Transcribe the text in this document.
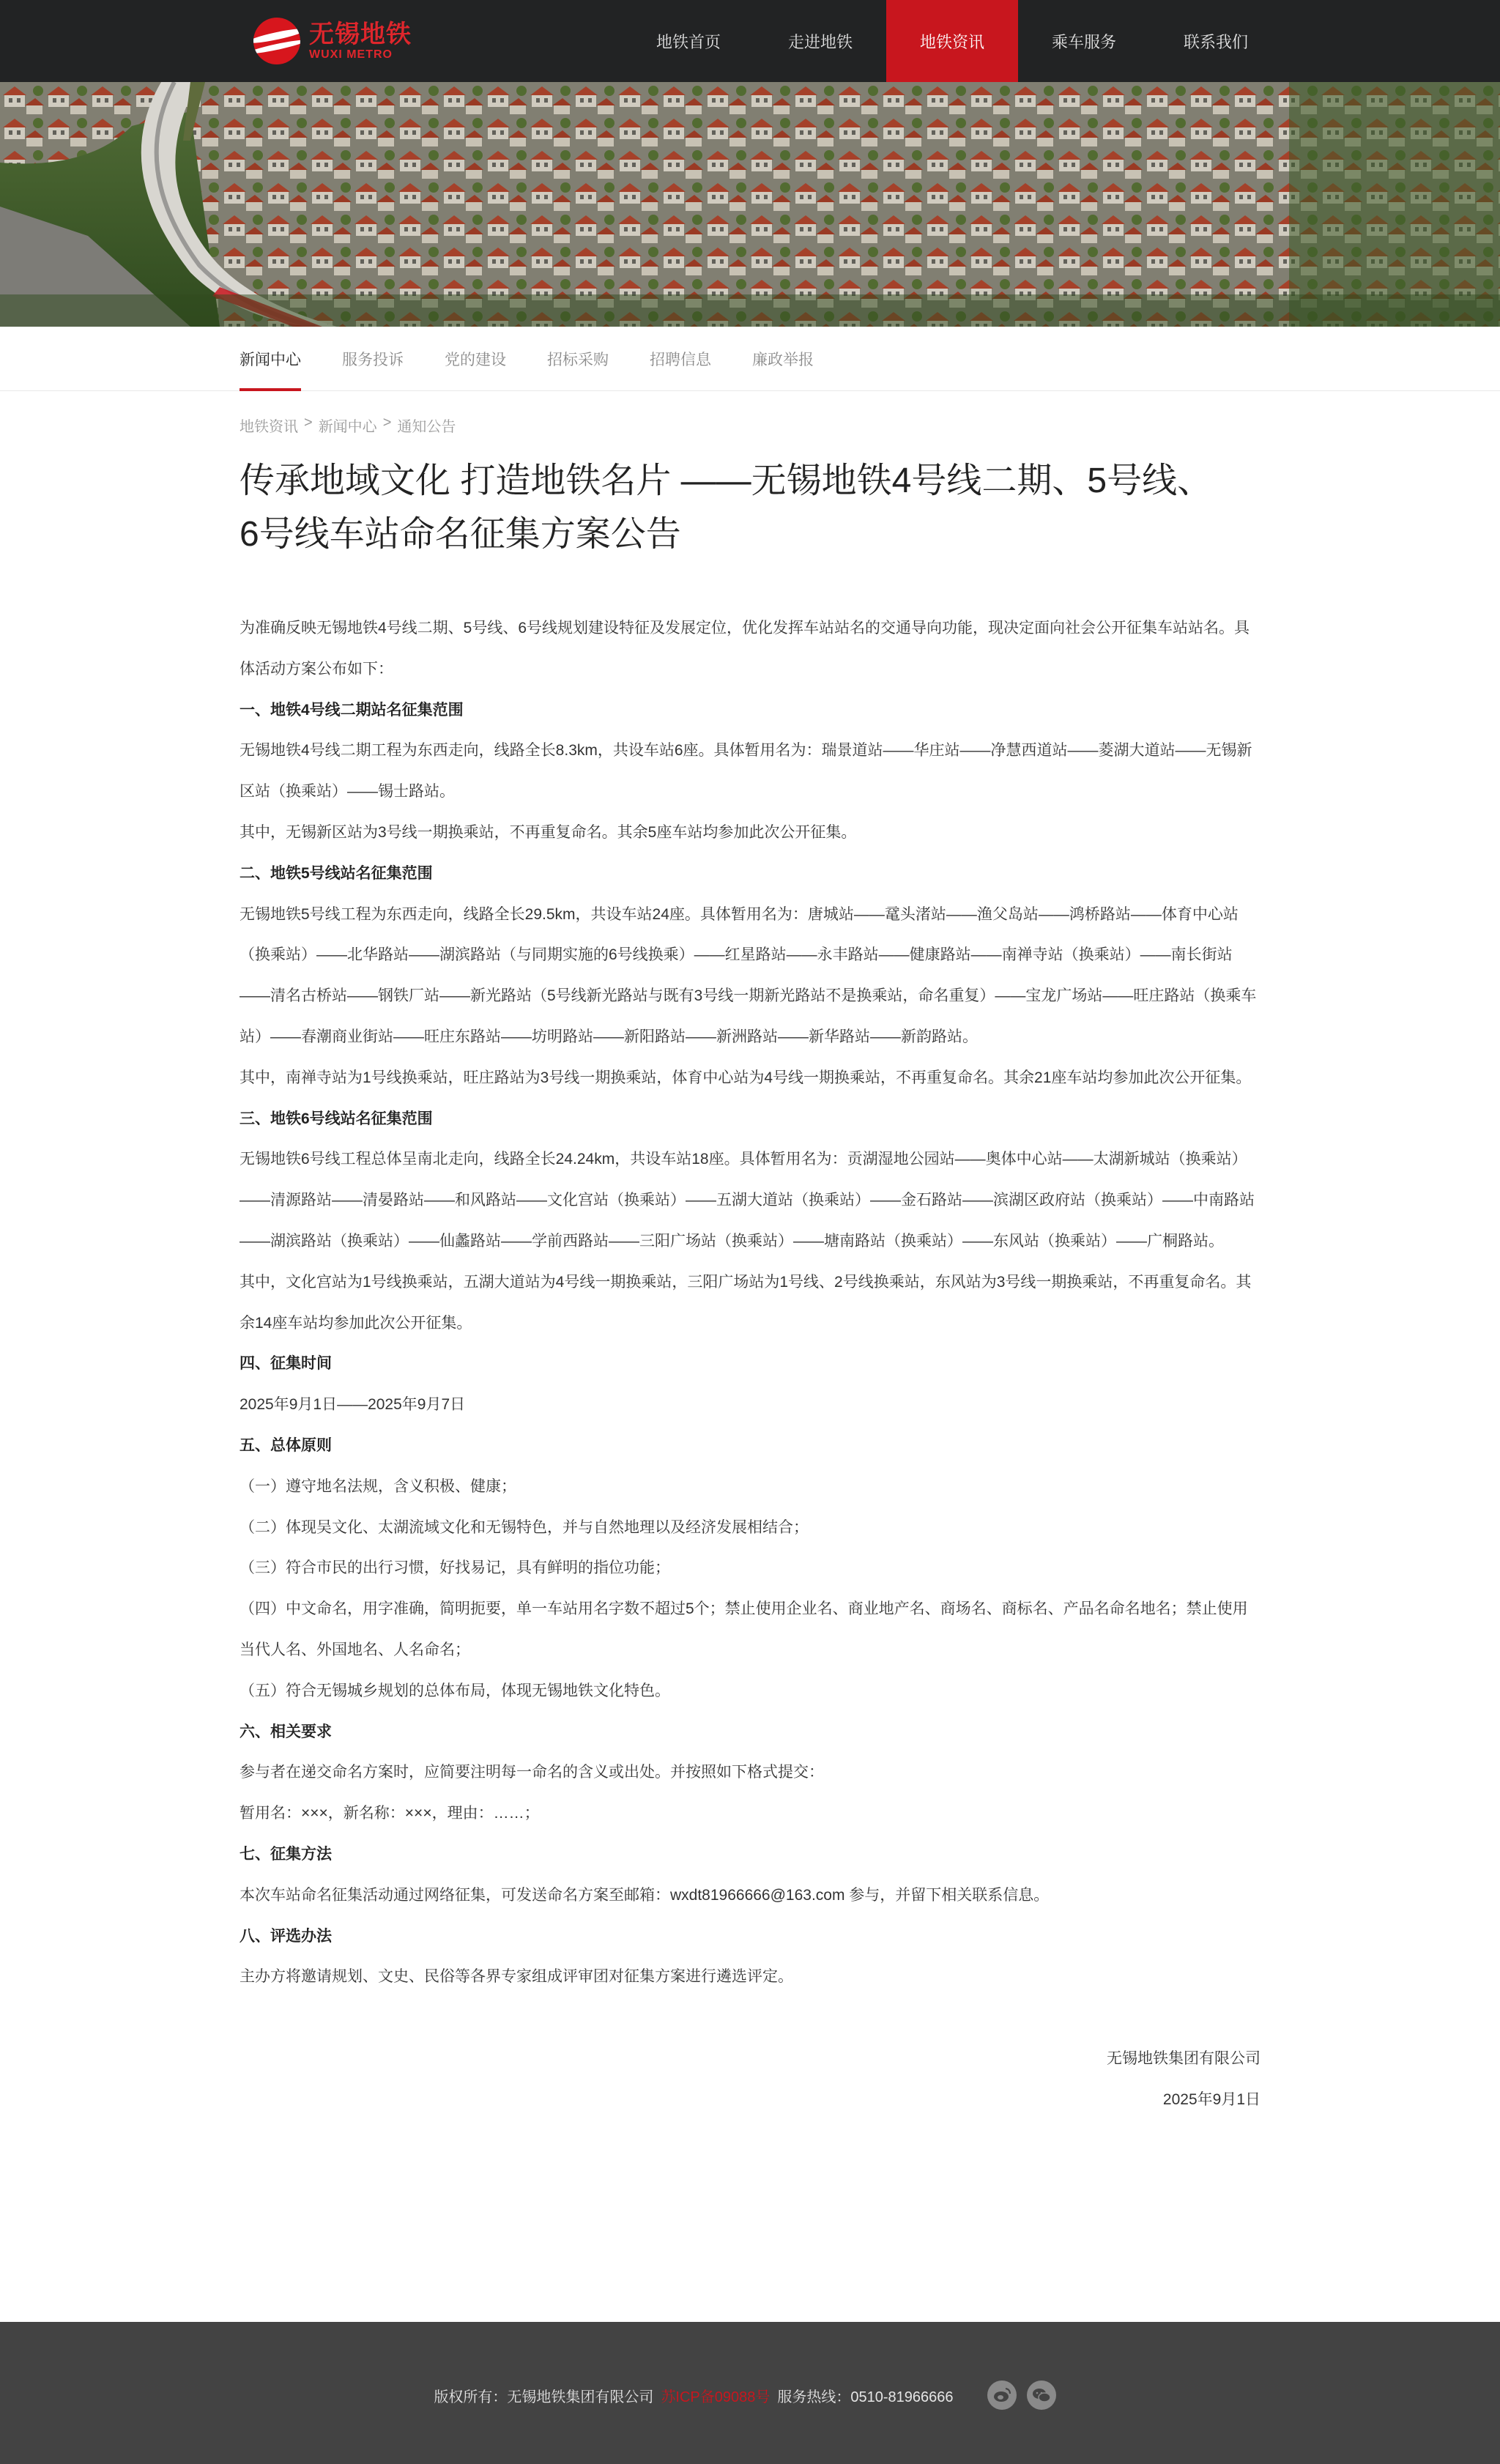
无锡地铁
WUXI METRO
地铁首页	走进地铁	地铁资讯	乘车服务	联系我们
新闻中心	服务投诉	党的建设	招标采购	招聘信息	廉政举报
地铁资讯 > 新闻中心 > 通知公告
传承地域文化 打造地铁名片 ——无锡地铁4号线二期、5号线、
6号线车站命名征集方案公告

为准确反映无锡地铁4号线二期、5号线、6号线规划建设特征及发展定位，优化发挥车站站名的交通导向功能，现决定面向社会公开征集车站站名。具体活动方案公布如下：

一、地铁4号线二期站名征集范围

无锡地铁4号线二期工程为东西走向，线路全长8.3km，共设车站6座。具体暂用名为：瑞景道站——华庄站——净慧西道站——菱湖大道站——无锡新区站（换乘站）——锡士路站。

其中，无锡新区站为3号线一期换乘站，不再重复命名。其余5座车站均参加此次公开征集。

二、地铁5号线站名征集范围

无锡地铁5号线工程为东西走向，线路全长29.5km，共设车站24座。具体暂用名为：唐城站——鼋头渚站——渔父岛站——鸿桥路站——体育中心站（换乘站）——北华路站——湖滨路站（与同期实施的6号线换乘）——红星路站——永丰路站——健康路站——南禅寺站（换乘站）——南长街站——清名古桥站——钢铁厂站——新光路站（5号线新光路站与既有3号线一期新光路站不是换乘站，命名重复）——宝龙广场站——旺庄路站（换乘车站）——春潮商业街站——旺庄东路站——坊明路站——新阳路站——新洲路站——新华路站——新韵路站。

其中，南禅寺站为1号线换乘站，旺庄路站为3号线一期换乘站，体育中心站为4号线一期换乘站，不再重复命名。其余21座车站均参加此次公开征集。

三、地铁6号线站名征集范围

无锡地铁6号线工程总体呈南北走向，线路全长24.24km，共设车站18座。具体暂用名为：贡湖湿地公园站——奥体中心站——太湖新城站（换乘站）——清源路站——清晏路站——和风路站——文化宫站（换乘站）——五湖大道站（换乘站）——金石路站——滨湖区政府站（换乘站）——中南路站——湖滨路站（换乘站）——仙蠡路站——学前西路站——三阳广场站（换乘站）——塘南路站（换乘站）——东风站（换乘站）——广桐路站。

其中，文化宫站为1号线换乘站，五湖大道站为4号线一期换乘站，三阳广场站为1号线、2号线换乘站，东风站为3号线一期换乘站，不再重复命名。其余14座车站均参加此次公开征集。

四、征集时间

2025年9月1日——2025年9月7日

五、总体原则

（一）遵守地名法规，含义积极、健康；

（二）体现吴文化、太湖流域文化和无锡特色，并与自然地理以及经济发展相结合；

（三）符合市民的出行习惯，好找易记，具有鲜明的指位功能；

（四）中文命名，用字准确，简明扼要，单一车站用名字数不超过5个；禁止使用企业名、商业地产名、商场名、商标名、产品名命名地名；禁止使用当代人名、外国地名、人名命名；

（五）符合无锡城乡规划的总体布局，体现无锡地铁文化特色。

六、相关要求

参与者在递交命名方案时，应简要注明每一命名的含义或出处。并按照如下格式提交：

暂用名：×××，新名称：×××，理由：……；

七、征集方法

本次车站命名征集活动通过网络征集，可发送命名方案至邮箱：wxdt81966666@163.com 参与，并留下相关联系信息。

八、评选办法

主办方将邀请规划、文史、民俗等各界专家组成评审团对征集方案进行遴选评定。

无锡地铁集团有限公司

2025年9月1日

版权所有：无锡地铁集团有限公司 苏ICP备09088号 服务热线：0510-81966666
